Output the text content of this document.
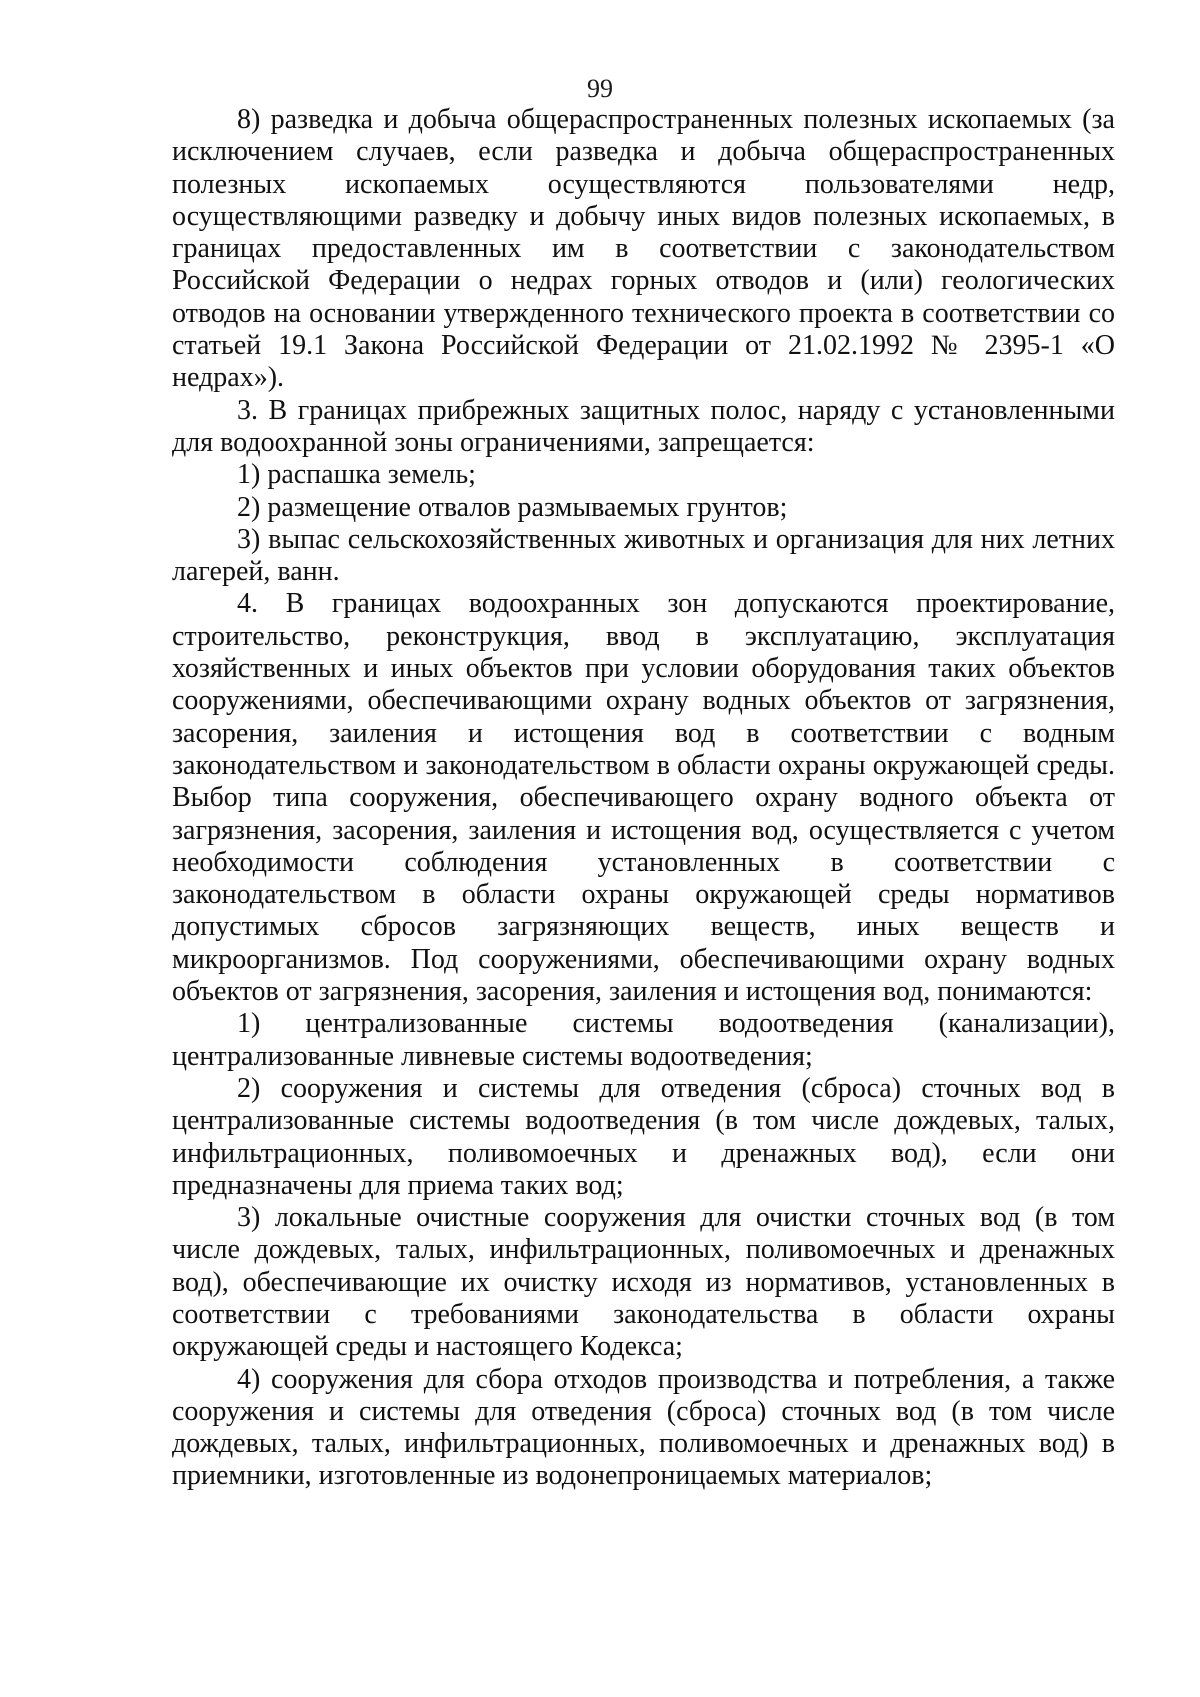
99

8) разведка и добыча общераспространенных полезных ископаемых (за исключением случаев, если разведка и добыча общераспространенных полезных ископаемых осуществляются пользователями недр, осуществляющими разведку и добычу иных видов полезных ископаемых, в границах предоставленных им в соответствии с законодательством Российской Федерации о недрах горных отводов и (или) геологических отводов на основании утвержденного технического проекта в соответствии со статьей 19.1 Закона Российской Федерации от 21.02.1992 № 2395-1 «О недрах»).

3. В границах прибрежных защитных полос, наряду с установленными для водоохранной зоны ограничениями, запрещается:

1) распашка земель;

2) размещение отвалов размываемых грунтов;

3) выпас сельскохозяйственных животных и организация для них летних лагерей, ванн.

4. В границах водоохранных зон допускаются проектирование, строительство, реконструкция, ввод в эксплуатацию, эксплуатация хозяйственных и иных объектов при условии оборудования таких объектов сооружениями, обеспечивающими охрану водных объектов от загрязнения, засорения, заиления и истощения вод в соответствии с водным законодательством и законодательством в области охраны окружающей среды. Выбор типа сооружения, обеспечивающего охрану водного объекта от загрязнения, засорения, заиления и истощения вод, осуществляется с учетом необходимости соблюдения установленных в соответствии с законодательством в области охраны окружающей среды нормативов допустимых сбросов загрязняющих веществ, иных веществ и микроорганизмов. Под сооружениями, обеспечивающими охрану водных объектов от загрязнения, засорения, заиления и истощения вод, понимаются:

1) централизованные системы водоотведения (канализации), централизованные ливневые системы водоотведения;

2) сооружения и системы для отведения (сброса) сточных вод в централизованные системы водоотведения (в том числе дождевых, талых, инфильтрационных, поливомоечных и дренажных вод), если они предназначены для приема таких вод;

3) локальные очистные сооружения для очистки сточных вод (в том числе дождевых, талых, инфильтрационных, поливомоечных и дренажных вод), обеспечивающие их очистку исходя из нормативов, установленных в соответствии с требованиями законодательства в области охраны окружающей среды и настоящего Кодекса;

4) сооружения для сбора отходов производства и потребления, а также сооружения и системы для отведения (сброса) сточных вод (в том числе дождевых, талых, инфильтрационных, поливомоечных и дренажных вод) в приемники, изготовленные из водонепроницаемых материалов;
